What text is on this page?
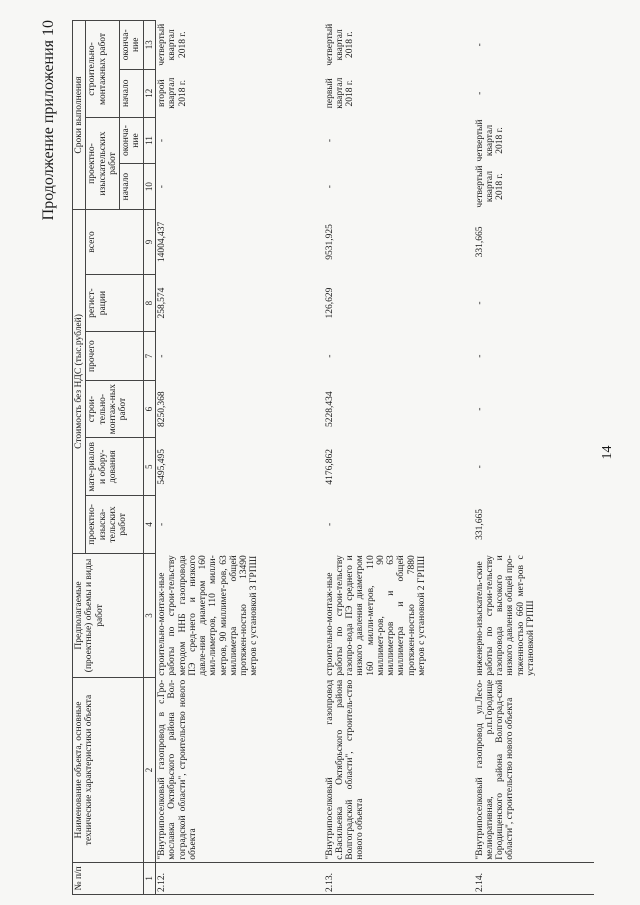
14
Продолжение приложения 10
№ п/п	Наименование объекта, основные технические характеристики объекта	Предполагаемые (проектные) объемы и виды работ	Стоимость без НДС (тыс.рублей)						Сроки выполнения			
			проектно-изыска-тельских работ	мате-риалов и обору-дования	строи-тельно-монтаж-ных работ	прочего	регист-рации	всего	проектно-изыскательских работ		строительно-монтажных работ	
									начало	оконча-ние	начало	оконча-ние
1	2	3	4	5	6	7	8	9	10	11	12	13
2.12.	"Внутрипоселковый газопровод в с.Гро-мославка Октябрьского района Вол-гоградской области", строительство нового объекта	строительно-монтаж-ные работы по строи-тельству методом ННБ газопровода ПЭ сред-него и низкого давле-ния диаметром 160 мил-лиметров, 110 милли-метров, 90 миллимет-ров, 63 миллиметра общей протяжен-ностью 13490 метров с установкой 3 ГРПШ	-	5495,495	8250,368	-	258,574	14004,437	-	-	второй квартал 2018 г.	четвертый квартал 2018 г.
2.13.	"Внутрипоселковый газопровод с.Васильевка Октябрьского района Волгоградской области", строитель-ство нового объекта	строительно-монтаж-ные работы по строи-тельству газопро-вода ПЭ среднего и низкого давления диаметром 160 милли-метров, 110 миллимет-ров, 90 миллиметров и 63 миллиметра и общей протяжен-ностью 7880 метров с установкой 2 ГРПШ	-	4176,862	5228,434	-	126,629	9531,925	-	-	первый квартал 2018 г.	четвертый квартал 2018 г.
2.14.	"Внутрипоселковый газопровод ул.Лесо-мелиоративная, р.п.Городище Городищенского района Волгоград-ской области", строительство нового объекта	инженерно-изыскатель-ские работы по строи-тельству газопровода высокого и низкого давления общей про-тяженностью 660 мет-ров с установкой ГРПШ	331,665	-	-	-	-	331,665	четвертый квартал 2018 г.	четвертый квартал 2018 г.	-	-
